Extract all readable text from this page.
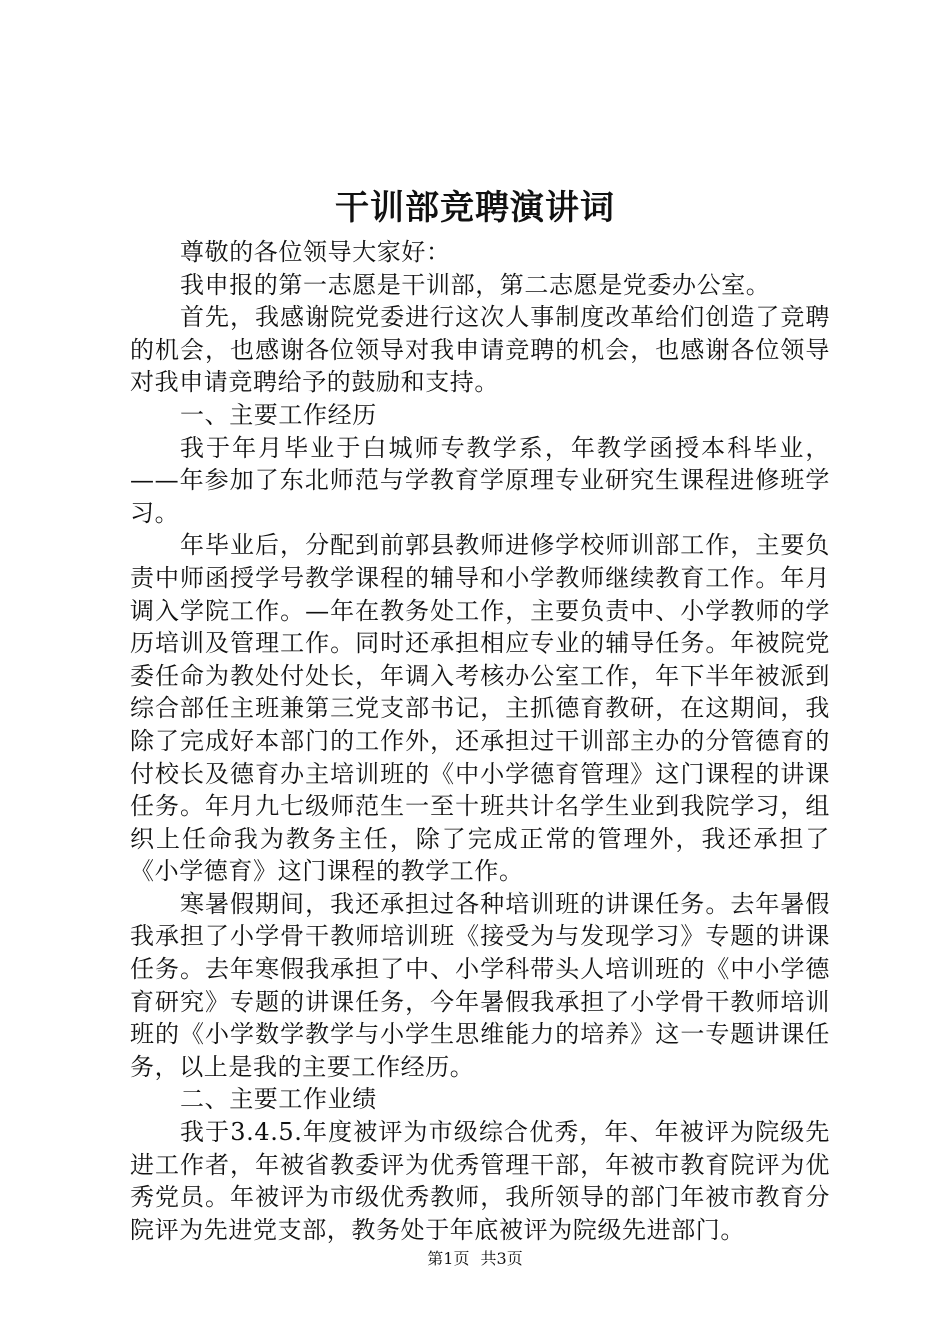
干训部竞聘演讲词

尊敬的各位领导大家好：

我申报的第一志愿是干训部，第二志愿是党委办公室。

首先，我感谢院党委进行这次人事制度改革给们创造了竞聘的机会，也感谢各位领导对我申请竞聘的机会，也感谢各位领导对我申请竞聘给予的鼓励和支持。

一、主要工作经历

我于年月毕业于白城师专教学系，年教学函授本科毕业，——年参加了东北师范与学教育学原理专业研究生课程进修班学习。

年毕业后，分配到前郭县教师进修学校师训部工作，主要负责中师函授学号教学课程的辅导和小学教师继续教育工作。年月调入学院工作。—年在教务处工作，主要负责中、小学教师的学历培训及管理工作。同时还承担相应专业的辅导任务。年被院党委任命为教处付处长，年调入考核办公室工作，年下半年被派到综合部任主班兼第三党支部书记，主抓德育教研，在这期间，我除了完成好本部门的工作外，还承担过干训部主办的分管德育的付校长及德育办主培训班的《中小学德育管理》这门课程的讲课任务。年月九七级师范生一至十班共计名学生业到我院学习，组织上任命我为教务主任，除了完成正常的管理外，我还承担了《小学德育》这门课程的教学工作。

寒暑假期间，我还承担过各种培训班的讲课任务。去年暑假我承担了小学骨干教师培训班《接受为与发现学习》专题的讲课任务。去年寒假我承担了中、小学科带头人培训班的《中小学德育研究》专题的讲课任务，今年暑假我承担了小学骨干教师培训班的《小学数学教学与小学生思维能力的培养》这一专题讲课任务，以上是我的主要工作经历。

二、主要工作业绩

我于3.4.5.年度被评为市级综合优秀，年、年被评为院级先进工作者，年被省教委评为优秀管理干部，年被市教育院评为优秀党员。年被评为市级优秀教师，我所领导的部门年被市教育分院评为先进党支部，教务处于年底被评为院级先进部门。

第1页 共3页
